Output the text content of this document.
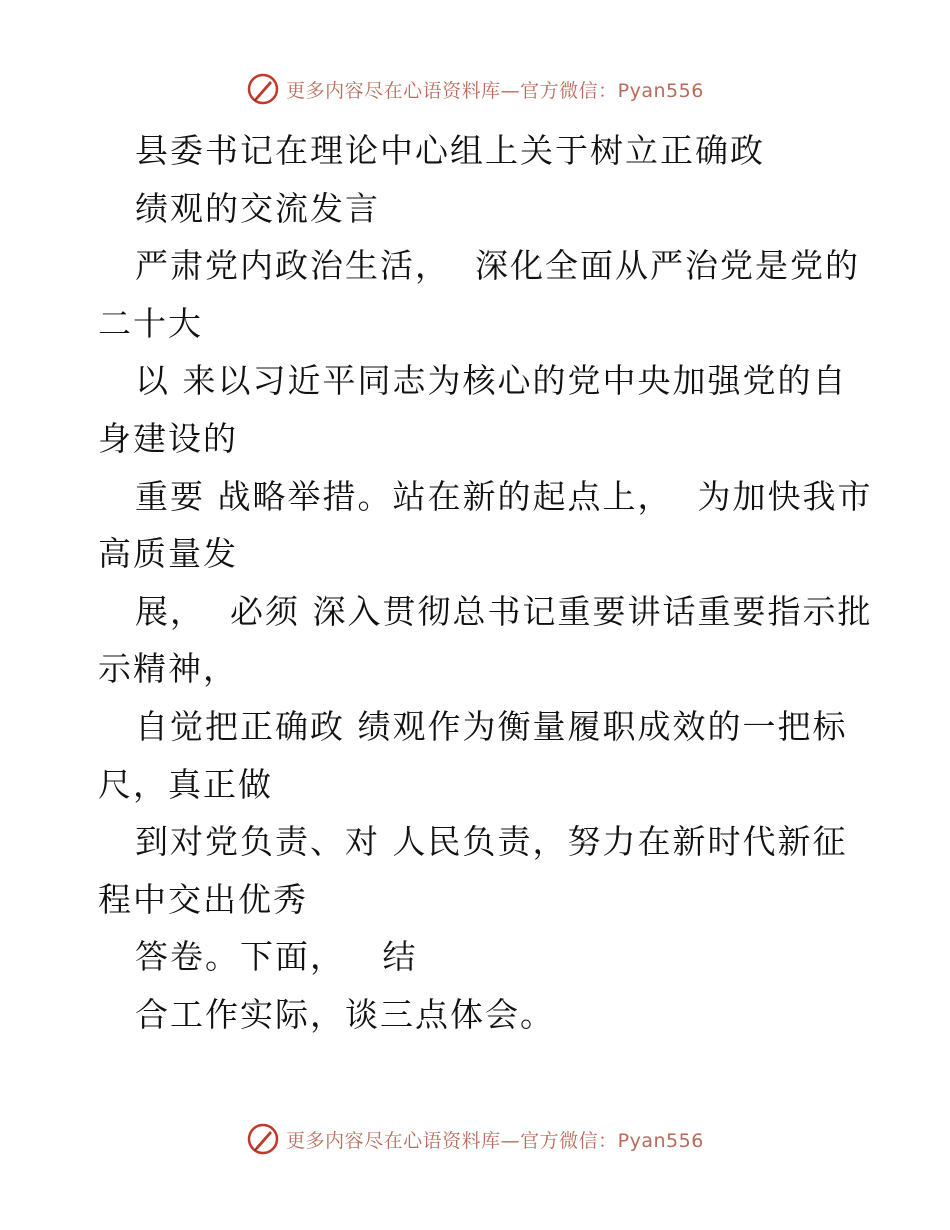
更多内容尽在心语资料库—官方微信：Pyan556
县委书记在理论中心组上关于树立正确政
绩观的交流发言
严肃党内政治生活，  深化全面从严治党是党的
二十大
以 来以习近平同志为核心的党中央加强党的自
身建设的
重要 战略举措。站在新的起点上，  为加快我市
高质量发
展，  必须 深入贯彻总书记重要讲话重要指示批
示精神，
自觉把正确政 绩观作为衡量履职成效的一把标
尺，真正做
到对党负责、对 人民负责，努力在新时代新征
程中交出优秀
答卷。下面，   结
合工作实际，谈三点体会。
更多内容尽在心语资料库—官方微信：Pyan556
